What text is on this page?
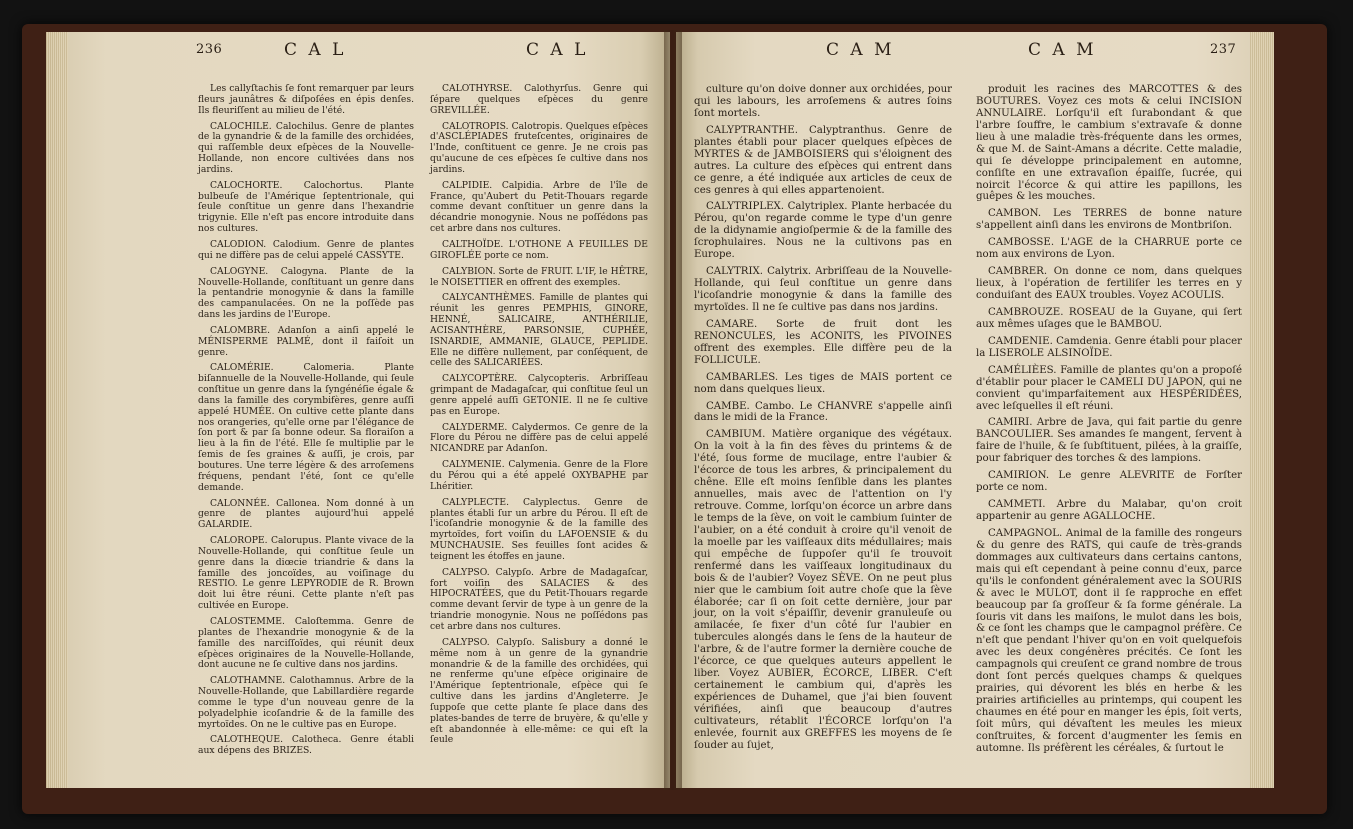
236	C A L	C A L

Les callyſtachis ſe font remarquer par leurs fleurs jaunâtres & diſpoſées en épis denſes. Ils fleuriſſent au milieu de l'été.

CALOCHILE. Calochilus. Genre de plantes de la gynandrie & de la famille des orchidées, qui raſſemble deux eſpèces de la Nouvelle-Hollande, non encore cultivées dans nos jardins.

CALOCHORTE. Calochortus. Plante bulbeuſe de l'Amérique ſeptentrionale, qui ſeule conſtitue un genre dans l'hexandrie trigynie. Elle n'eſt pas encore introduite dans nos cultures.

CALODION. Calodium. Genre de plantes qui ne diffère pas de celui appelé CASSYTE.

CALOGYNE. Calogyna. Plante de la Nouvelle-Hollande, conſtituant un genre dans la pentandrie monogynie & dans la famille des campanulacées. On ne la poſſède pas dans les jardins de l'Europe.

CALOMBRE. Adanſon a ainſi appelé le MÉNISPERME PALMÉ, dont il faiſoit un genre.

CALOMÉRIE. Calomeria. Plante biſannuelle de la Nouvelle-Hollande, qui ſeule conſtitue un genre dans la ſyngénéſie égale & dans la famille des corymbifères, genre auſſi appelé HUMÉE. On cultive cette plante dans nos orangeries, qu'elle orne par l'élégance de ſon port & par ſa bonne odeur. Sa floraiſon a lieu à la fin de l'été. Elle ſe multiplie par le ſemis de ſes graines & auſſi, je crois, par boutures. Une terre légère & des arroſemens fréquens, pendant l'été, ſont ce qu'elle demande.

CALONNÉE. Callonea. Nom donné à un genre de plantes aujourd'hui appelé GALARDIE.

CALOROPE. Calorupus. Plante vivace de la Nouvelle-Hollande, qui conſtitue ſeule un genre dans la diœcie triandrie & dans la famille des joncoïdes, au voiſinage du RESTIO. Le genre LEPYRODIE de R. Brown doit lui être réuni. Cette plante n'eſt pas cultivée en Europe.

CALOSTEMME. Caloſtemma. Genre de plantes de l'hexandrie monogynie & de la famille des narciſſoïdes, qui réunit deux eſpèces originaires de la Nouvelle-Hollande, dont aucune ne ſe cultive dans nos jardins.

CALOTHAMNE. Calothamnus. Arbre de la Nouvelle-Hollande, que Labillardière regarde comme le type d'un nouveau genre de la polyadelphie icoſandrie & de la famille des myrtoïdes. On ne le cultive pas en Europe.

CALOTHEQUE. Calotheca. Genre établi aux dépens des BRIZES.

CALOTHYRSE. Calothyrſus. Genre qui ſépare quelques eſpèces du genre GREVILLÉE.

CALOTROPIS. Calotropis. Quelques eſpèces d'ASCLÉPIADES fruteſcentes, originaires de l'Inde, conſtituent ce genre. Je ne crois pas qu'aucune de ces eſpèces ſe cultive dans nos jardins.

CALPIDIE. Calpidia. Arbre de l'île de France, qu'Aubert du Petit-Thouars regarde comme devant conſtituer un genre dans la décandrie monogynie. Nous ne poſſédons pas cet arbre dans nos cultures.

CALTHOÏDE. L'OTHONE A FEUILLES DE GIROFLÉE porte ce nom.

CALYBION. Sorte de FRUIT. L'IF, le HÊTRE, le NOISETTIER en offrent des exemples.

CALYCANTHÈMES. Famille de plantes qui réunit les genres PEMPHIS, GINORE, HENNÉ, SALICAIRE, ANTHÉRILIE, ACISANTHÈRE, PARSONSIE, CUPHÉE, ISNARDIE, AMMANIE, GLAUCE, PEPLIDE. Elle ne diffère nullement, par conſéquent, de celle des SALICARIÉES.

CALYCOPTÈRE. Calycopteris. Arbriſſeau grimpant de Madagaſcar, qui conſtitue ſeul un genre appelé auſſi GETONIE. Il ne ſe cultive pas en Europe.

CALYDERME. Calydermos. Ce genre de la Flore du Pérou ne diffère pas de celui appelé NICANDRE par Adanſon.

CALYMENIE. Calymenia. Genre de la Flore du Pérou qui a été appelé OXYBAPHE par Lhéritier.

CALYPLECTE. Calyplectus. Genre de plantes établi ſur un arbre du Pérou. Il eſt de l'icoſandrie monogynie & de la famille des myrtoïdes, fort voiſin du LAFOENSIE & du MUNCHAUSIE. Ses feuilles ſont acides & teignent les étoffes en jaune.

CALYPSO. Calypſo. Arbre de Madagaſcar, fort voiſin des SALACIES & des HIPOCRATÉES, que du Petit-Thouars regarde comme devant ſervir de type à un genre de la triandrie monogynie. Nous ne poſſédons pas cet arbre dans nos cultures.

CALYPSO. Calypſo. Salisbury a donné le même nom à un genre de la gynandrie monandrie & de la famille des orchidées, qui ne renferme qu'une eſpèce originaire de l'Amérique ſeptentrionale, eſpèce qui ſe cultive dans les jardins d'Angleterre. Je ſuppoſe que cette plante ſe place dans des plates-bandes de terre de bruyère, & qu'elle y eſt abandonnée à elle-même: ce qui eſt la ſeule

C A M	C A M	237

culture qu'on doive donner aux orchidées, pour qui les labours, les arroſemens & autres ſoins ſont mortels.

CALYPTRANTHE. Calyptranthus. Genre de plantes établi pour placer quelques eſpèces de MYRTES & de JAMBOISIERS qui s'éloignent des autres. La culture des eſpèces qui entrent dans ce genre, a été indiquée aux articles de ceux de ces genres à qui elles appartenoient.

CALYTRIPLEX. Calytriplex. Plante herbacée du Pérou, qu'on regarde comme le type d'un genre de la didynamie angioſpermie & de la famille des ſcrophulaires. Nous ne la cultivons pas en Europe.

CALYTRIX. Calytrix. Arbriſſeau de la Nouvelle-Hollande, qui ſeul conſtitue un genre dans l'icoſandrie monogynie & dans la famille des myrtoïdes. Il ne ſe cultive pas dans nos jardins.

CAMARE. Sorte de fruit dont les RENONCULES, les ACONITS, les PIVOINES offrent des exemples. Elle diffère peu de la FOLLICULE.

CAMBARLES. Les tiges de MAIS portent ce nom dans quelques lieux.

CAMBE. Cambo. Le CHANVRE s'appelle ainſi dans le midi de la France.

CAMBIUM. Matière organique des végétaux. On la voit à la fin des fèves du printems & de l'été, ſous forme de mucilage, entre l'aubier & l'écorce de tous les arbres, & principalement du chêne. Elle eſt moins ſenſible dans les plantes annuelles, mais avec de l'attention on l'y retrouve. Comme, lorſqu'on écorce un arbre dans le temps de la ſève, on voit le cambium ſuinter de l'aubier, on a été conduit à croire qu'il venoit de la moelle par les vaiſſeaux dits médullaires; mais qui empêche de ſuppoſer qu'il ſe trouvoit renfermé dans les vaiſſeaux longitudinaux du bois & de l'aubier? Voyez SÈVE. On ne peut plus nier que le cambium ſoit autre choſe que la ſève élaborée; car ſi on ſoit cette dernière, jour par jour, on la voit s'épaiſſir, devenir granuleuſe ou amilacée, ſe fixer d'un côté ſur l'aubier en tubercules alongés dans le ſens de la hauteur de l'arbre, & de l'autre former la dernière couche de l'écorce, ce que quelques auteurs appellent le liber. Voyez AUBIER, ÉCORCE, LIBER. C'eſt certainement le cambium qui, d'après les expériences de Duhamel, que j'ai bien ſouvent vérifiées, ainſi que beaucoup d'autres cultivateurs, rétablit l'ÉCORCE lorſqu'on l'a enlevée, fournit aux GREFFES les moyens de ſe ſouder au ſujet,

produit les racines des MARCOTTES & des BOUTURES. Voyez ces mots & celui INCISION ANNULAIRE. Lorſqu'il eſt ſurabondant & que l'arbre ſouffre, le cambium s'extravaſe & donne lieu à une maladie très-fréquente dans les ormes, & que M. de Saint-Amans a décrite. Cette maladie, qui ſe développe principalement en automne, conſiſte en une extravaſion épaiſſe, ſucrée, qui noircit l'écorce & qui attire les papillons, les guêpes & les mouches.

CAMBON. Les TERRES de bonne nature s'appellent ainſi dans les environs de Montbriſon.

CAMBOSSE. L'AGE de la CHARRUE porte ce nom aux environs de Lyon.

CAMBRER. On donne ce nom, dans quelques lieux, à l'opération de fertiliſer les terres en y conduiſant des EAUX troubles. Voyez ACOULIS.

CAMBROUZE. ROSEAU de la Guyane, qui ſert aux mêmes uſages que le BAMBOU.

CAMDENIE. Camdenia. Genre établi pour placer la LISEROLE ALSINOÏDE.

CAMÉLIÈES. Famille de plantes qu'on a propoſé d'établir pour placer le CAMELI DU JAPON, qui ne convient qu'imparfaitement aux HESPÉRIDÉES, avec leſquelles il eſt réuni.

CAMIRI. Arbre de Java, qui fait partie du genre BANCOULIER. Ses amandes ſe mangent, ſervent à faire de l'huile, & ſe ſubſtituent, pilées, à la graiſſe, pour fabriquer des torches & des lampions.

CAMIRION. Le genre ALEVRITE de Forſter porte ce nom.

CAMMETI. Arbre du Malabar, qu'on croit appartenir au genre AGALLOCHE.

CAMPAGNOL. Animal de la famille des rongeurs & du genre des RATS, qui cauſe de très-grands dommages aux cultivateurs dans certains cantons, mais qui eſt cependant à peine connu d'eux, parce qu'ils le confondent généralement avec la SOURIS & avec le MULOT, dont il ſe rapproche en effet beaucoup par ſa groſſeur & ſa forme générale. La ſouris vit dans les maiſons, le mulot dans les bois, & ce ſont les champs que le campagnol préfère. Ce n'eſt que pendant l'hiver qu'on en voit quelquefois avec les deux congénères précités. Ce ſont les campagnols qui creuſent ce grand nombre de trous dont ſont percés quelques champs & quelques prairies, qui dévorent les blés en herbe & les prairies artificielles au printemps, qui coupent les chaumes en été pour en manger les épis, ſoit verts, ſoit mûrs, qui dévaſtent les meules les mieux conſtruites, & forcent d'augmenter les ſemis en automne. Ils préfèrent les céréales, & ſurtout le
